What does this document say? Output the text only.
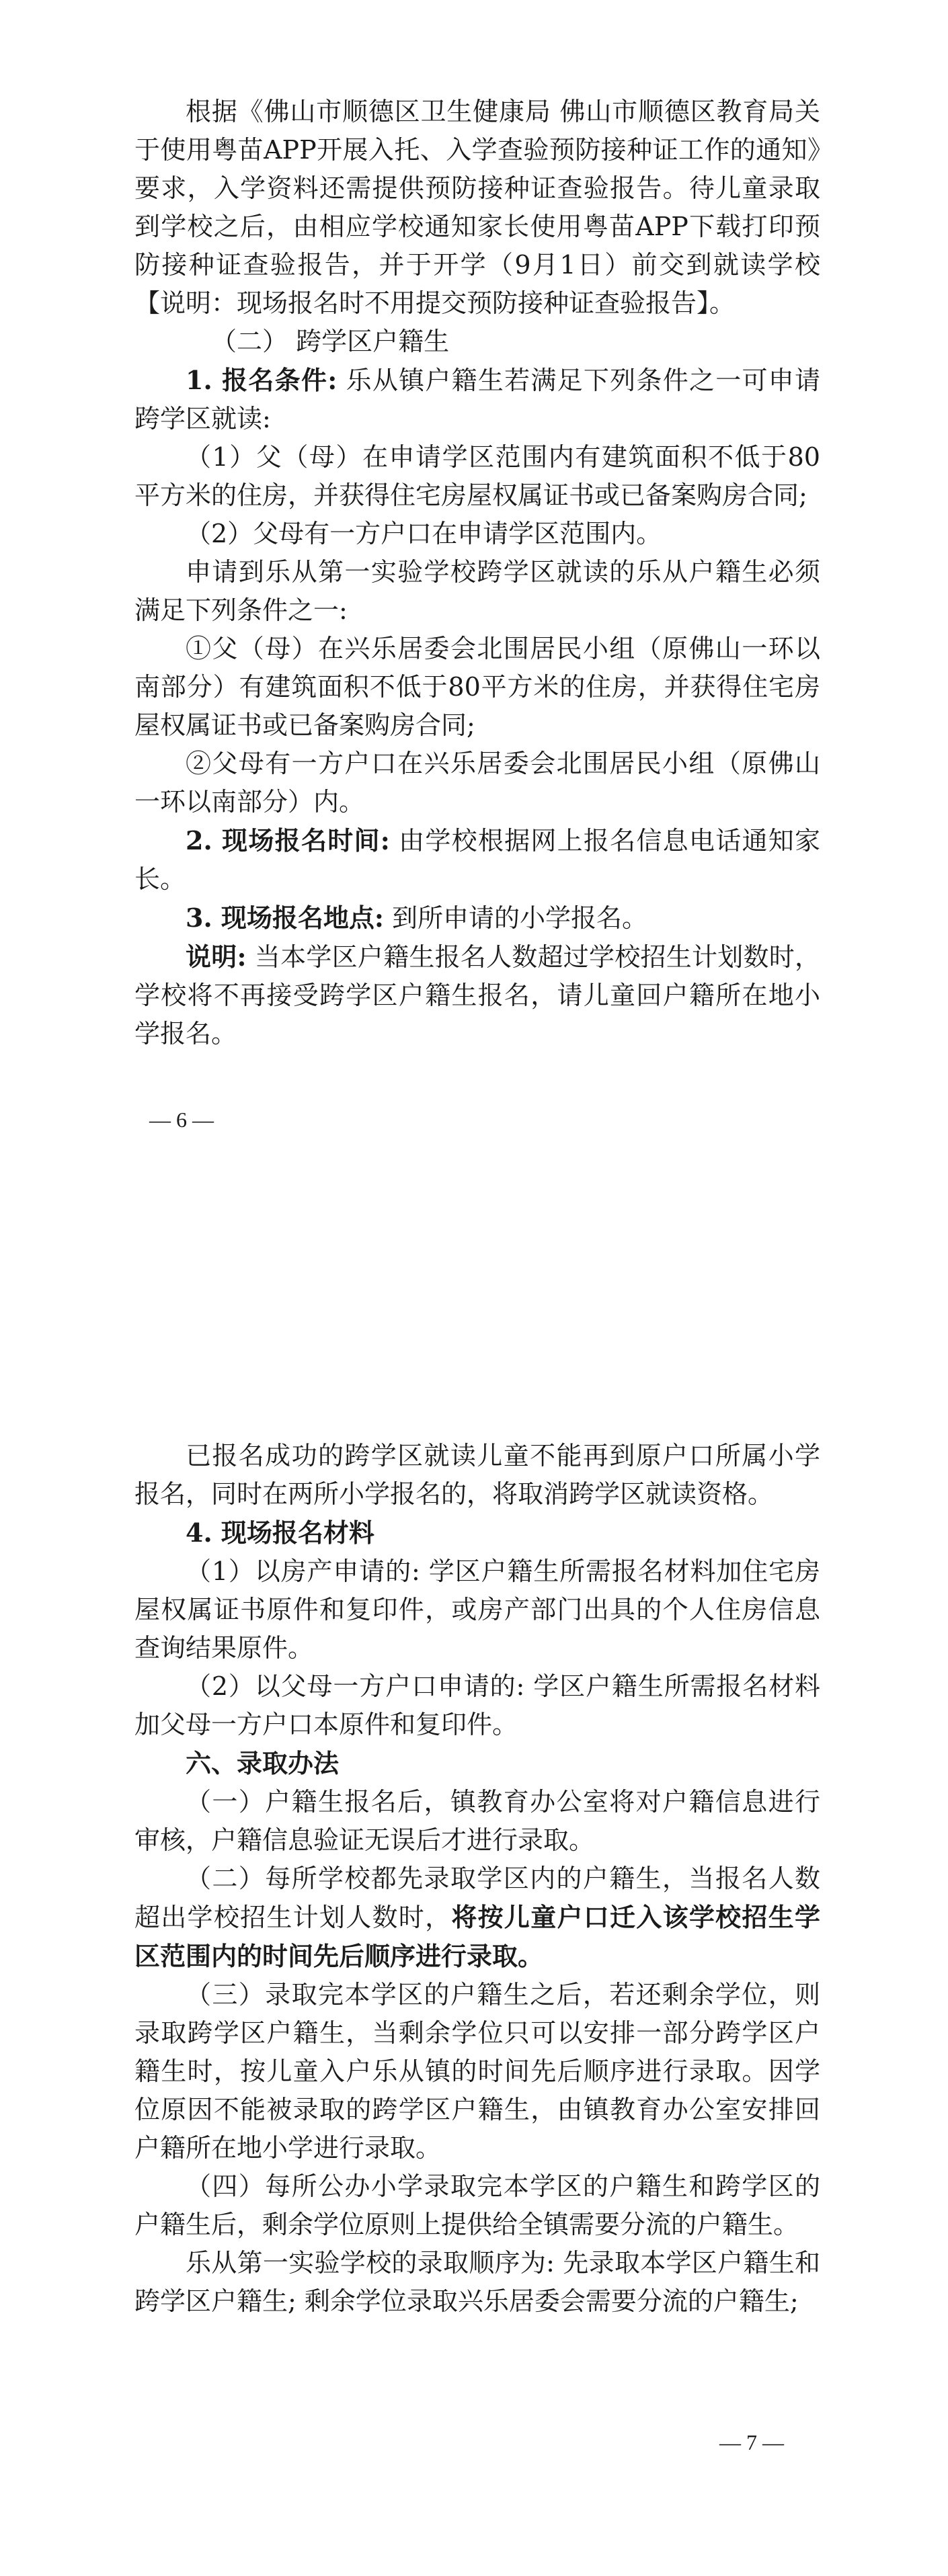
根据《佛山市顺德区卫生健康局 佛山市顺德区教育局关于使用粤苗APP开展入托、入学查验预防接种证工作的通知》要求，入学资料还需提供预防接种证查验报告。待儿童录取到学校之后，由相应学校通知家长使用粤苗APP下载打印预防接种证查验报告，并于开学（9月1日）前交到就读学校【说明：现场报名时不用提交预防接种证查验报告】。

（二） 跨学区户籍生

1. 报名条件: 乐从镇户籍生若满足下列条件之一可申请跨学区就读:

（1）父（母）在申请学区范围内有建筑面积不低于80平方米的住房，并获得住宅房屋权属证书或已备案购房合同;

（2）父母有一方户口在申请学区范围内。

申请到乐从第一实验学校跨学区就读的乐从户籍生必须满足下列条件之一:

①父（母）在兴乐居委会北围居民小组（原佛山一环以南部分）有建筑面积不低于80平方米的住房，并获得住宅房屋权属证书或已备案购房合同;

②父母有一方户口在兴乐居委会北围居民小组（原佛山一环以南部分）内。

2. 现场报名时间: 由学校根据网上报名信息电话通知家长。

3. 现场报名地点: 到所申请的小学报名。

说明: 当本学区户籍生报名人数超过学校招生计划数时，学校将不再接受跨学区户籍生报名，请儿童回户籍所在地小学报名。

— 6 —

已报名成功的跨学区就读儿童不能再到原户口所属小学报名，同时在两所小学报名的，将取消跨学区就读资格。

4. 现场报名材料

（1）以房产申请的: 学区户籍生所需报名材料加住宅房屋权属证书原件和复印件，或房产部门出具的个人住房信息查询结果原件。

（2）以父母一方户口申请的: 学区户籍生所需报名材料加父母一方户口本原件和复印件。

六、录取办法

（一）户籍生报名后，镇教育办公室将对户籍信息进行审核，户籍信息验证无误后才进行录取。

（二）每所学校都先录取学区内的户籍生，当报名人数超出学校招生计划人数时，将按儿童户口迁入该学校招生学区范围内的时间先后顺序进行录取。

（三）录取完本学区的户籍生之后，若还剩余学位，则录取跨学区户籍生，当剩余学位只可以安排一部分跨学区户籍生时，按儿童入户乐从镇的时间先后顺序进行录取。因学位原因不能被录取的跨学区户籍生，由镇教育办公室安排回户籍所在地小学进行录取。

（四）每所公办小学录取完本学区的户籍生和跨学区的户籍生后，剩余学位原则上提供给全镇需要分流的户籍生。

乐从第一实验学校的录取顺序为: 先录取本学区户籍生和跨学区户籍生; 剩余学位录取兴乐居委会需要分流的户籍生;

— 7 —
